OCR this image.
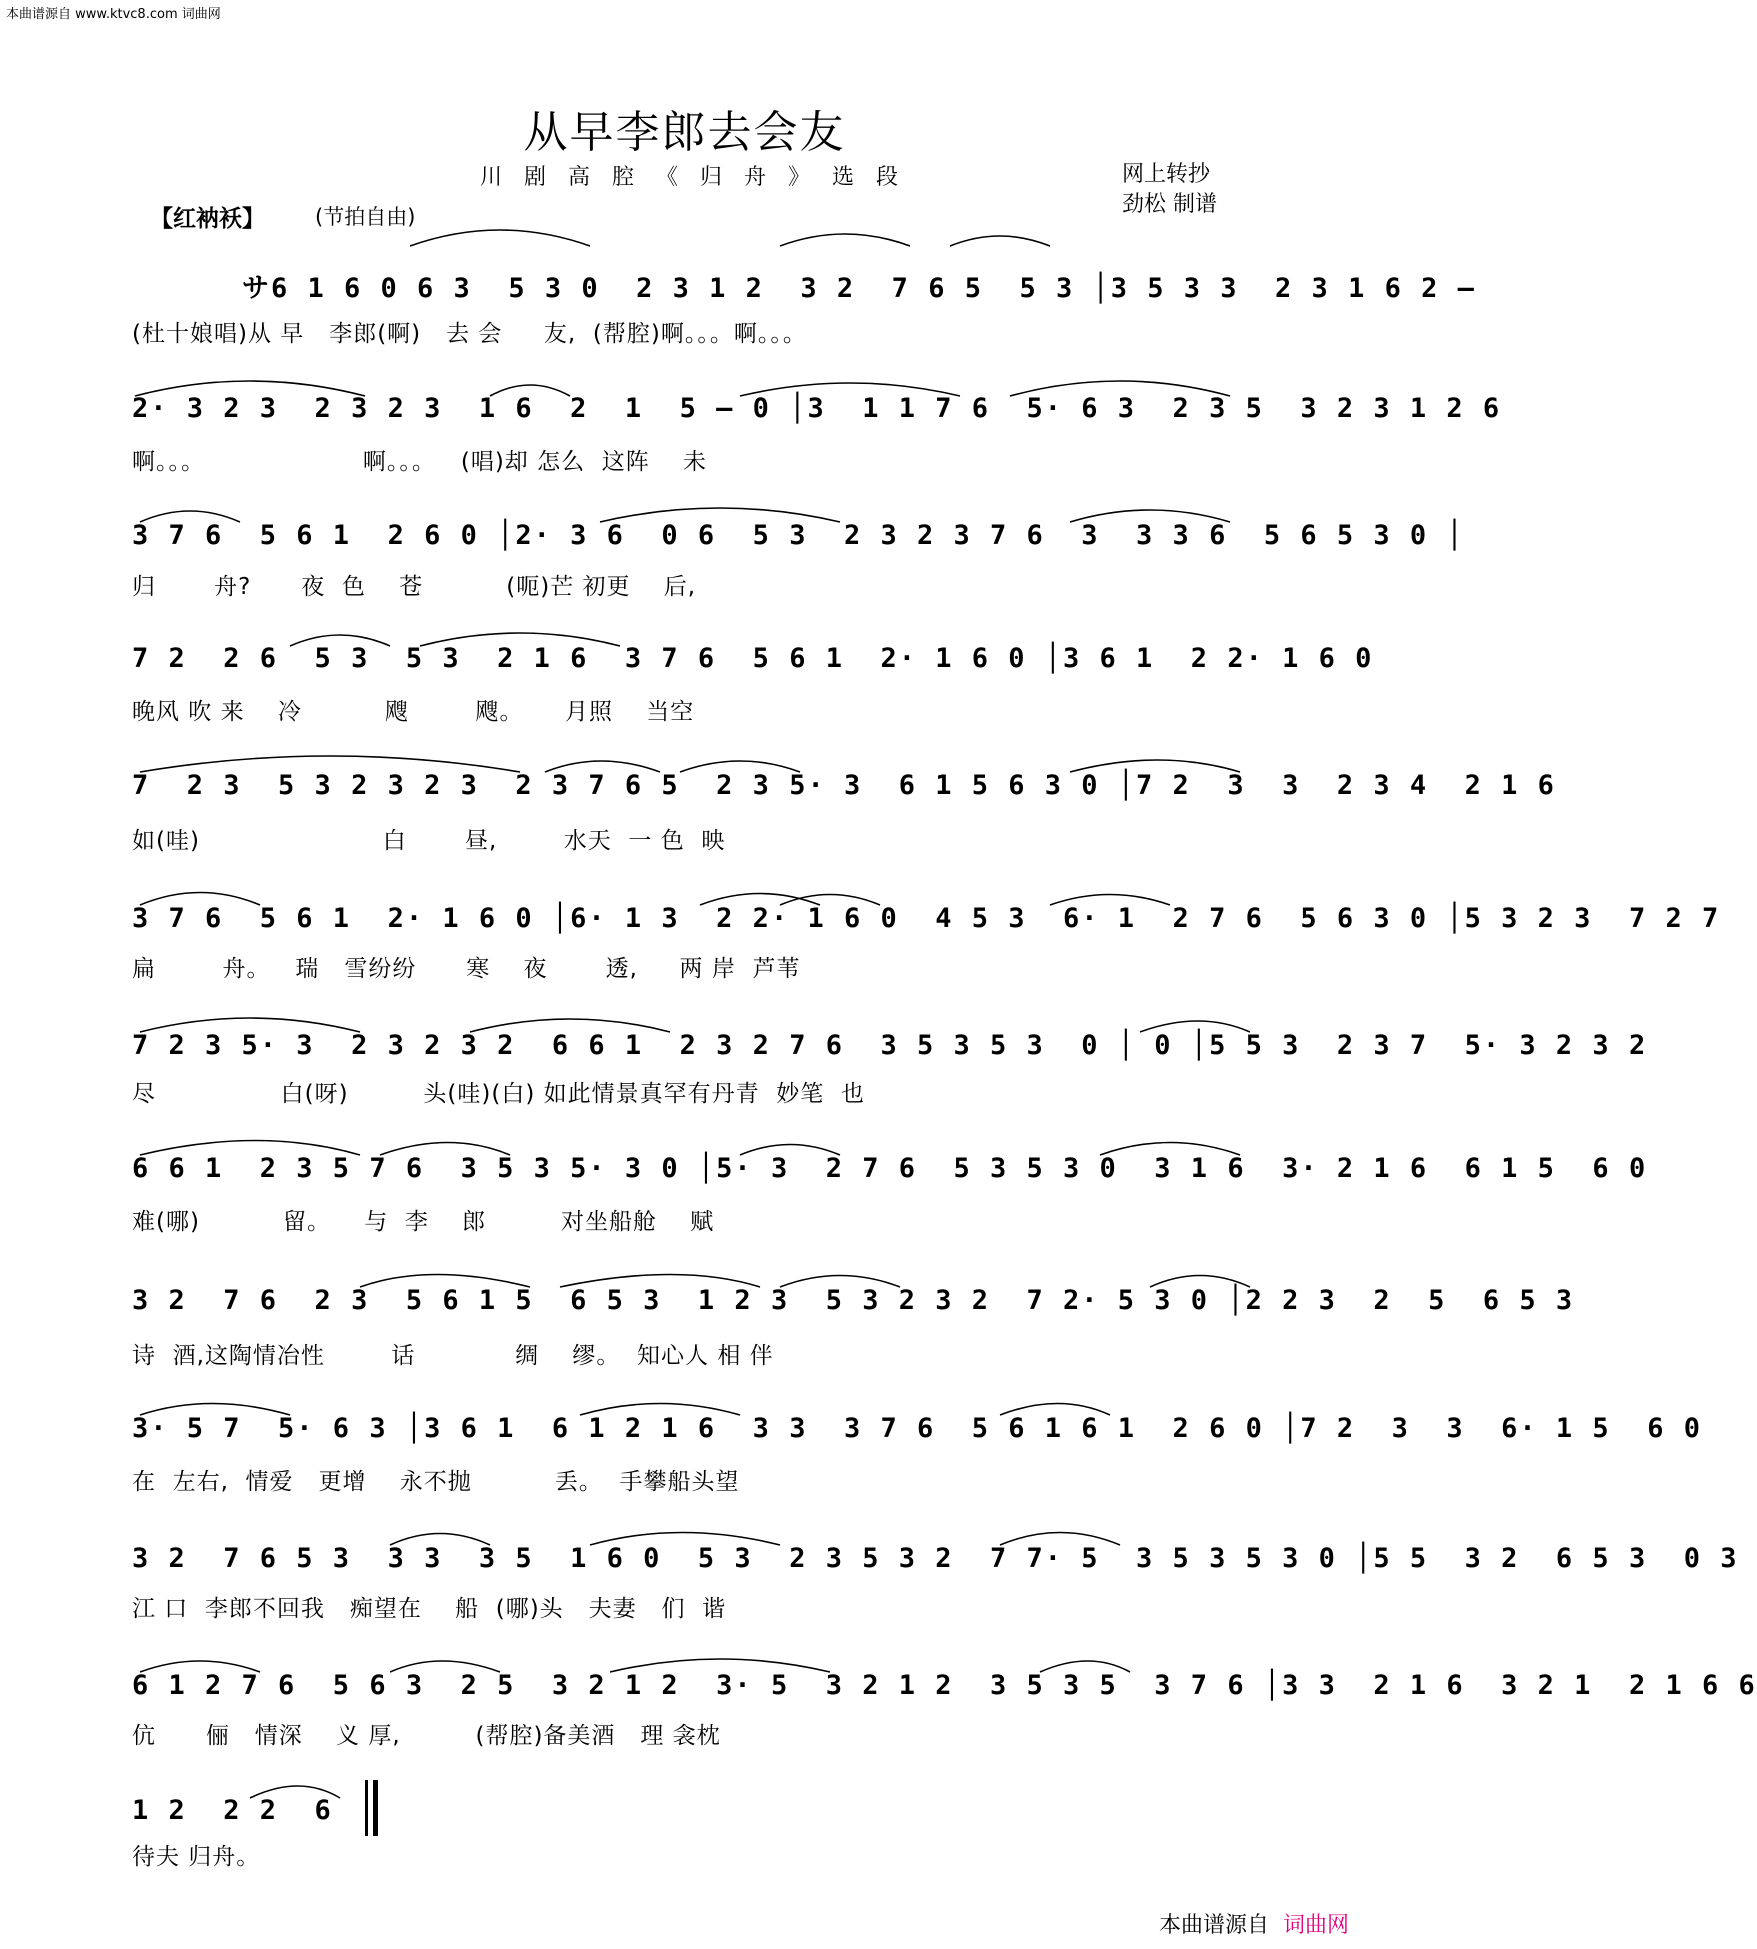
本曲谱源自 www.ktvc8.com 词曲网
从早李郎去会友
川剧高腔《归舟》选段	网上转抄
劲松 制谱
【红衲袄】 (节拍自由)
サ6 1 6 0 6 3  5 3 0  2 3 1 2  3 2  7 6 5  5 3 │3 5 3 3  2 3 1 6 2 –
(杜十娘唱)从 早   李郎(啊)   去 会     友,  (帮腔)啊。。。啊。。。
2· 3 2 3  2 3 2 3  1 6  2  1  5 – 0 │3  1 1 7 6  5· 6 3  2 3 5  3 2 3 1 2 6
啊。。。                   啊。。。   (唱)却 怎么  这阵    未
3 7 6  5 6 1  2 6 0 │2· 3 6  0 6  5 3  2 3 2 3 7 6  3  3 3 6  5 6 5 3 0 │
归       舟?      夜  色    苍          (呃)芒 初更    后,
7 2  2 6  5 3  5 3  2 1 6  3 7 6  5 6 1  2· 1 6 0 │3 6 1  2 2· 1 6 0
晚风 吹 来    冷          飕        飕。     月照    当空
7  2 3  5 3 2 3 2 3  2 3 7 6 5  2 3 5· 3  6 1 5 6 3 0 │7 2  3  3  2 3 4  2 1 6
如(哇)                      白       昼,        水天  一 色  映
3 7 6  5 6 1  2· 1 6 0 │6· 1 3  2 2· 1 6 0  4 5 3  6· 1  2 7 6  5 6 3 0 │5 3 2 3  7 2 7
扁        舟。   瑞   雪纷纷      寒    夜       透,     两 岸  芦苇
7 2 3 5· 3  2 3 2 3 2  6 6 1  2 3 2 7 6  3 5 3 5 3  0 │ 0 │5 5 3  2 3 7  5· 3 2 3 2
尽               白(呀)         头(哇)(白) 如此情景真罕有丹青  妙笔  也
6 6 1  2 3 5 7 6  3 5 3 5· 3 0 │5· 3  2 7 6  5 3 5 3 0  3 1 6  3· 2 1 6  6 1 5  6 0
难(哪)          留。    与  李    郎         对坐船舱    赋
3 2  7 6  2 3  5 6 1 5  6 5 3  1 2 3  5 3 2 3 2  7 2· 5 3 0 │2 2 3  2  5  6 5 3
诗  酒,这陶情冶性        话            绸    缪。  知心人 相 伴
3· 5 7  5· 6 3 │3 6 1  6 1 2 1 6  3 3  3 7 6  5 6 1 6 1  2 6 0 │7 2  3  3  6· 1 5  6 0
在  左右,  情爱   更增    永不抛          丢。  手攀船头望
3 2  7 6 5 3  3 3  3 5  1 6 0  5 3  2 3 5 3 2  7 7· 5  3 5 3 5 3 0 │5 5  3 2  6 5 3  0 3
江 口  李郎不回我   痴望在    船  (哪)头   夫妻   们  谐
6 1 2 7 6  5 6 3  2 5  3 2 1 2  3· 5  3 2 1 2  3 5 3 5  3 7 6 │3 3  2 1 6  3 2 1  2 1 6 6
伉      俪   情深    义 厚,         (帮腔)备美酒   理 衾枕
1 2  2 2  6
待夫 归舟。
本曲谱源自 词曲网
